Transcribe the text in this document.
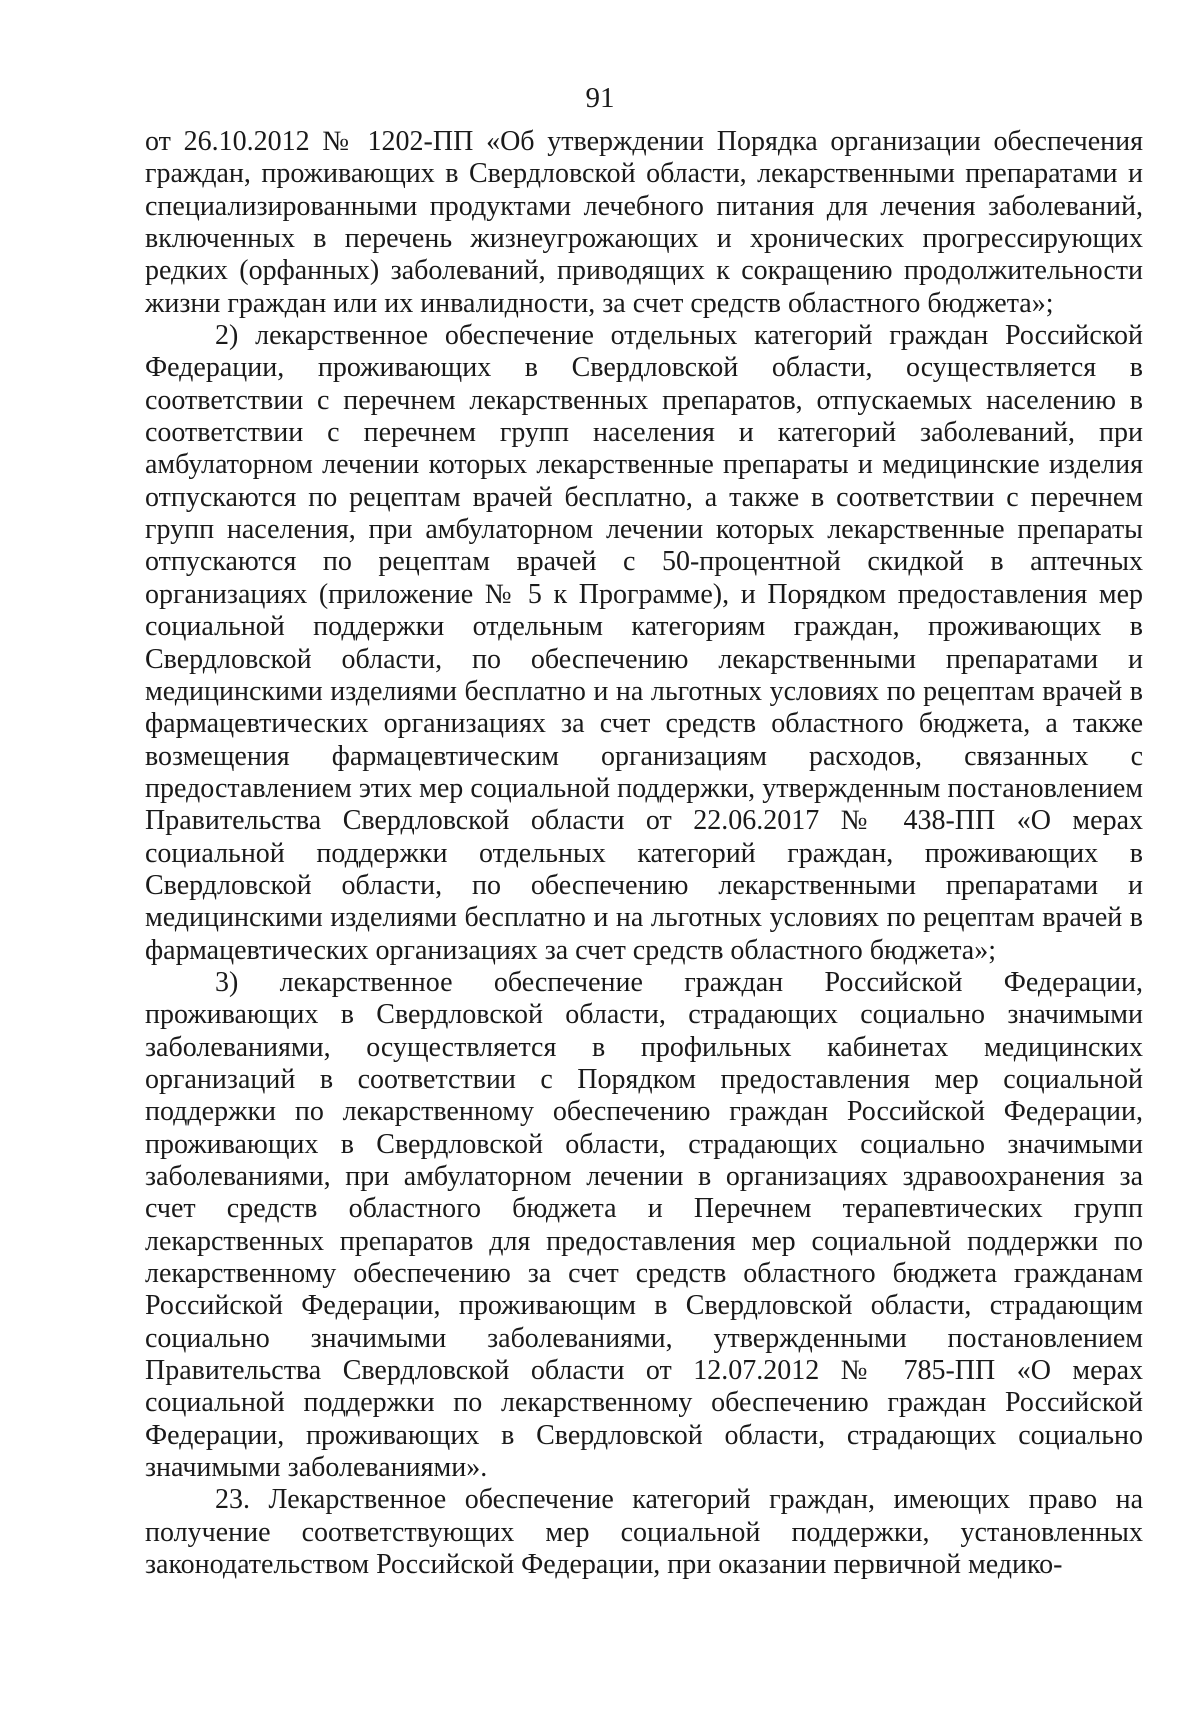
91

от 26.10.2012 № 1202-ПП «Об утверждении Порядка организации обеспечения граждан, проживающих в Свердловской области, лекарственными препаратами и специализированными продуктами лечебного питания для лечения заболеваний, включенных в перечень жизнеугрожающих и хронических прогрессирующих редких (орфанных) заболеваний, приводящих к сокращению продолжительности жизни граждан или их инвалидности, за счет средств областного бюджета»;

2) лекарственное обеспечение отдельных категорий граждан Российской Федерации, проживающих в Свердловской области, осуществляется в соответствии с перечнем лекарственных препаратов, отпускаемых населению в соответствии с перечнем групп населения и категорий заболеваний, при амбулаторном лечении которых лекарственные препараты и медицинские изделия отпускаются по рецептам врачей бесплатно, а также в соответствии с перечнем групп населения, при амбулаторном лечении которых лекарственные препараты отпускаются по рецептам врачей с 50-процентной скидкой в аптечных организациях (приложение № 5 к Программе), и Порядком предоставления мер социальной поддержки отдельным категориям граждан, проживающих в Свердловской области, по обеспечению лекарственными препаратами и медицинскими изделиями бесплатно и на льготных условиях по рецептам врачей в фармацевтических организациях за счет средств областного бюджета, а также возмещения фармацевтическим организациям расходов, связанных с предоставлением этих мер социальной поддержки, утвержденным постановлением Правительства Свердловской области от 22.06.2017 № 438-ПП «О мерах социальной поддержки отдельных категорий граждан, проживающих в Свердловской области, по обеспечению лекарственными препаратами и медицинскими изделиями бесплатно и на льготных условиях по рецептам врачей в фармацевтических организациях за счет средств областного бюджета»;

3) лекарственное обеспечение граждан Российской Федерации, проживающих в Свердловской области, страдающих социально значимыми заболеваниями, осуществляется в профильных кабинетах медицинских организаций в соответствии с Порядком предоставления мер социальной поддержки по лекарственному обеспечению граждан Российской Федерации, проживающих в Свердловской области, страдающих социально значимыми заболеваниями, при амбулаторном лечении в организациях здравоохранения за счет средств областного бюджета и Перечнем терапевтических групп лекарственных препаратов для предоставления мер социальной поддержки по лекарственному обеспечению за счет средств областного бюджета гражданам Российской Федерации, проживающим в Свердловской области, страдающим социально значимыми заболеваниями, утвержденными постановлением Правительства Свердловской области от 12.07.2012 № 785-ПП «О мерах социальной поддержки по лекарственному обеспечению граждан Российской Федерации, проживающих в Свердловской области, страдающих социально значимыми заболеваниями».

23. Лекарственное обеспечение категорий граждан, имеющих право на получение соответствующих мер социальной поддержки, установленных законодательством Российской Федерации, при оказании первичной медико-
